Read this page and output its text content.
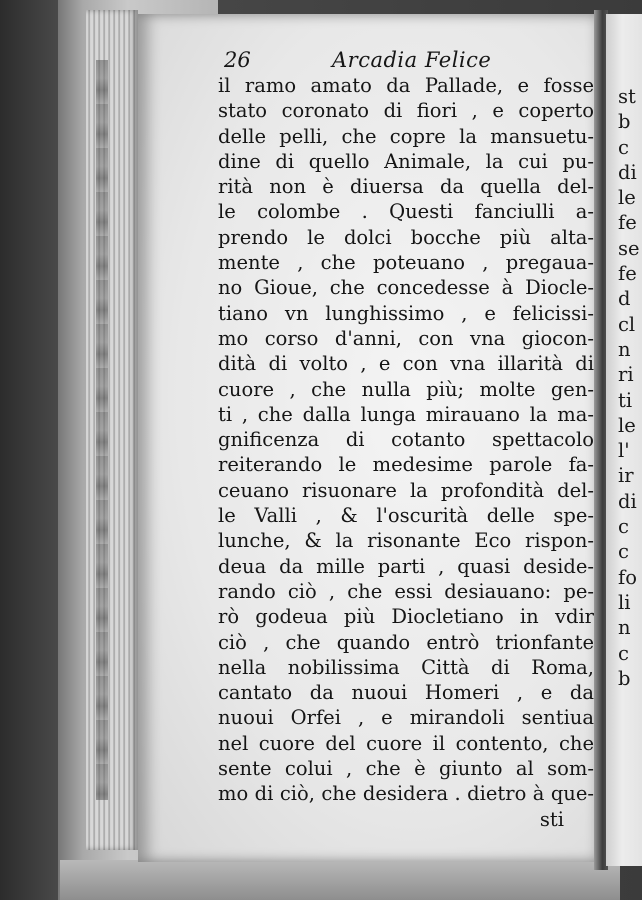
26	Arcadia Felice
il ramo amato da Pallade, e fosse
stato coronato di fiori , e coperto
delle pelli, che copre la mansuetu-
dine di quello Animale, la cui pu-
rità non è diuersa da quella del-
le colombe . Questi fanciulli a-
prendo le dolci bocche più alta-
mente , che poteuano , pregaua-
no Gioue, che concedesse à Diocle-
tiano vn lunghissimo , e felicissi-
mo corso d'anni, con vna giocon-
dità di volto , e con vna illarità di
cuore , che nulla più; molte gen-
ti , che dalla lunga mirauano la ma-
gnificenza di cotanto spettacolo
reiterando le medesime parole fa-
ceuano risuonare la profondità del-
le Valli , & l'oscurità delle spe-
lunche, & la risonante Eco rispon-
deua da mille parti , quasi deside-
rando ciò , che essi desiauano: pe-
rò godeua più Diocletiano in vdir
ciò , che quando entrò trionfante
nella nobilissima Città di Roma,
cantato da nuoui Homeri , e da
nuoui Orfei , e mirandoli sentiua
nel cuore del cuore il contento, che
sente colui , che è giunto al som-
mo di ciò, che desidera . dietro à que-
sti
st
b
c
di
le
fe
se
fe
d
cl
n
ri
ti
le
l'
ir
di
c
c
fo
li
n
c
b
